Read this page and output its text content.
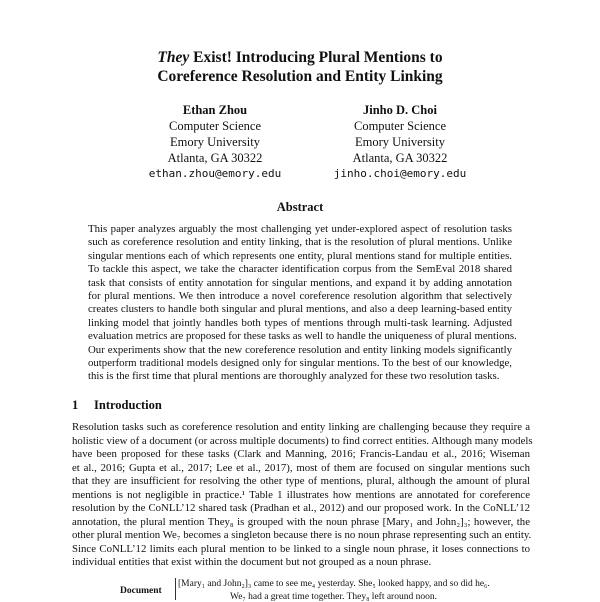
They Exist! Introducing Plural Mentions to
Coreference Resolution and Entity Linking
Ethan Zhou
Computer Science
Emory University
Atlanta, GA 30322
ethan.zhou@emory.edu
Jinho D. Choi
Computer Science
Emory University
Atlanta, GA 30322
jinho.choi@emory.edu
Abstract
This paper analyzes arguably the most challenging yet under-explored aspect of resolution tasks
such as coreference resolution and entity linking, that is the resolution of plural mentions. Unlike
singular mentions each of which represents one entity, plural mentions stand for multiple entities.
To tackle this aspect, we take the character identification corpus from the SemEval 2018 shared
task that consists of entity annotation for singular mentions, and expand it by adding annotation
for plural mentions. We then introduce a novel coreference resolution algorithm that selectively
creates clusters to handle both singular and plural mentions, and also a deep learning-based entity
linking model that jointly handles both types of mentions through multi-task learning. Adjusted
evaluation metrics are proposed for these tasks as well to handle the uniqueness of plural mentions.
Our experiments show that the new coreference resolution and entity linking models significantly
outperform traditional models designed only for singular mentions. To the best of our knowledge,
this is the first time that plural mentions are thoroughly analyzed for these two resolution tasks.
1 Introduction
Resolution tasks such as coreference resolution and entity linking are challenging because they require a
holistic view of a document (or across multiple documents) to find correct entities. Although many models
have been proposed for these tasks (Clark and Manning, 2016; Francis-Landau et al., 2016; Wiseman
et al., 2016; Gupta et al., 2017; Lee et al., 2017), most of them are focused on singular mentions such
that they are insufficient for resolving the other type of mentions, plural, although the amount of plural
mentions is not negligible in practice.¹ Table 1 illustrates how mentions are annotated for coreference
resolution by the CoNLL’12 shared task (Pradhan et al., 2012) and our proposed work. In the CoNLL’12
annotation, the plural mention They₈ is grouped with the noun phrase [Mary₁ and John₂]₃; however, the
other plural mention We₇ becomes a singleton because there is no noun phrase representing such an entity.
Since CoNLL’12 limits each plural mention to be linked to a single noun phrase, it loses connections to
individual entities that exist within the document but not grouped as a noun phrase.
Document
[Mary₁ and John₂]₃ came to see me₄ yesterday. She₅ looked happy, and so did he₆.
We₇ had a great time together. They₈ left around noon.
